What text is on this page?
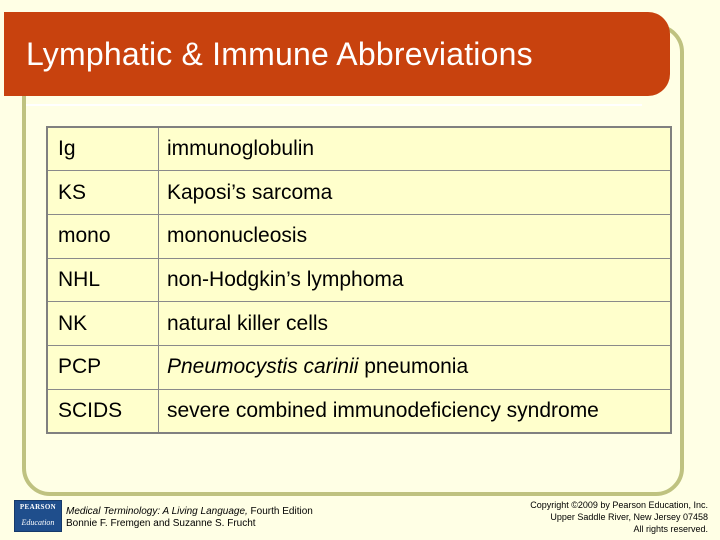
Lymphatic & Immune Abbreviations
Ig	immunoglobulin
KS	Kaposi’s sarcoma
mono	mononucleosis
NHL	non-Hodgkin’s lymphoma
NK	natural killer cells
PCP	Pneumocystis carinii pneumonia
SCIDS	severe combined immunodeficiency syndrome
PEARSON
Education
Medical Terminology: A Living Language, Fourth Edition
Bonnie F. Fremgen and Suzanne S. Frucht
Copyright ©2009 by Pearson Education, Inc.
Upper Saddle River, New Jersey 07458
All rights reserved.
